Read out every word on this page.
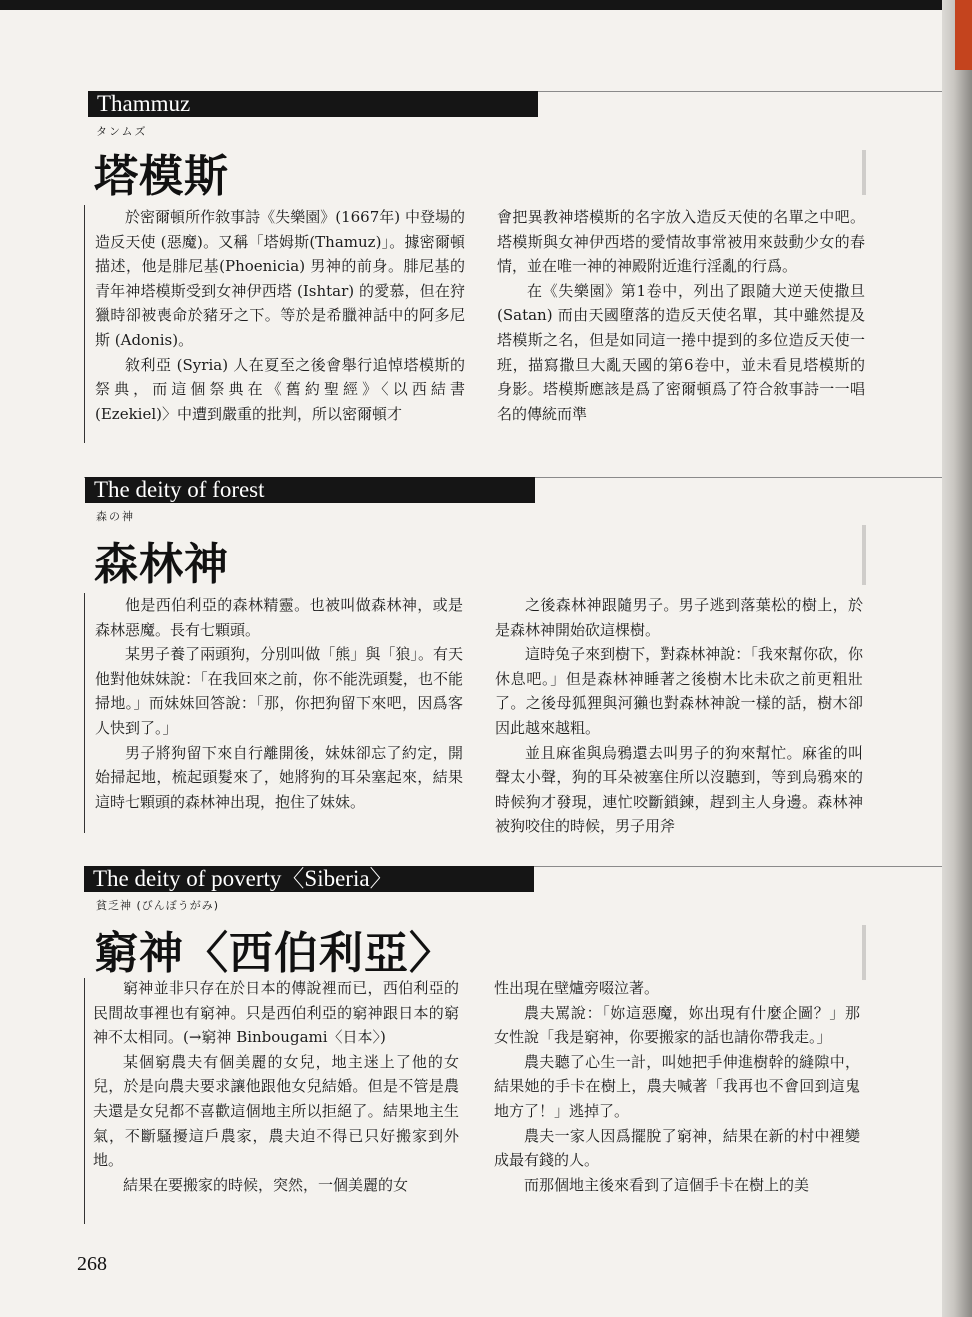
Thammuz
タンムズ
塔模斯

於密爾頓所作敘事詩《失樂園》(1667年) 中登場的造反天使 (惡魔)。又稱「塔姆斯(Thamuz)」。據密爾頓描述，他是腓尼基(Phoenicia) 男神的前身。腓尼基的青年神塔模斯受到女神伊西塔 (Ishtar) 的愛慕，但在狩獵時卻被喪命於豬牙之下。等於是希臘神話中的阿多尼斯 (Adonis)。

敘利亞 (Syria) 人在夏至之後會舉行追悼塔模斯的祭典，而這個祭典在《舊約聖經》〈以西結書 (Ezekiel)〉中遭到嚴重的批判，所以密爾頓才

會把異教神塔模斯的名字放入造反天使的名單之中吧。塔模斯與女神伊西塔的愛情故事常被用來鼓動少女的春情，並在唯一神的神殿附近進行淫亂的行爲。

在《失樂園》第1卷中，列出了跟隨大逆天使撒旦 (Satan) 而由天國墮落的造反天使名單，其中雖然提及塔模斯之名，但是如同這一捲中提到的多位造反天使一班，描寫撒旦大亂天國的第6卷中，並未看見塔模斯的身影。塔模斯應該是爲了密爾頓爲了符合敘事詩一一唱名的傳統而準

The deity of forest
森の神
森林神

他是西伯利亞的森林精靈。也被叫做森林神，或是森林惡魔。長有七顆頭。

某男子養了兩頭狗，分別叫做「熊」與「狼」。有天他對他妹妹說：「在我回來之前，你不能洗頭髮，也不能掃地。」而妹妹回答說：「那，你把狗留下來吧，因爲客人快到了。」

男子將狗留下來自行離開後，妹妹卻忘了約定，開始掃起地，梳起頭髮來了，她將狗的耳朵塞起來，結果這時七顆頭的森林神出現，抱住了妹妹。

之後森林神跟隨男子。男子逃到落葉松的樹上，於是森林神開始砍這棵樹。

這時兔子來到樹下，對森林神說：「我來幫你砍，你休息吧。」但是森林神睡著之後樹木比未砍之前更粗壯了。之後母狐狸與河獺也對森林神說一樣的話，樹木卻因此越來越粗。

並且麻雀與烏鴉還去叫男子的狗來幫忙。麻雀的叫聲太小聲，狗的耳朵被塞住所以沒聽到，等到烏鴉來的時候狗才發現，連忙咬斷鎖鍊，趕到主人身邊。森林神被狗咬住的時候，男子用斧

The deity of poverty〈Siberia〉
貧乏神 (びんぼうがみ)
窮神〈西伯利亞〉

窮神並非只存在於日本的傳說裡而已，西伯利亞的民間故事裡也有窮神。只是西伯利亞的窮神跟日本的窮神不太相同。(→窮神 Binbougami〈日本〉)

某個窮農夫有個美麗的女兒，地主迷上了他的女兒，於是向農夫要求讓他跟他女兒結婚。但是不管是農夫還是女兒都不喜歡這個地主所以拒絕了。結果地主生氣，不斷騷擾這戶農家，農夫迫不得已只好搬家到外地。

結果在要搬家的時候，突然，一個美麗的女

性出現在壁爐旁啜泣著。

農夫罵說：「妳這惡魔，妳出現有什麼企圖？」那女性說「我是窮神，你要搬家的話也請你帶我走。」

農夫聽了心生一計，叫她把手伸進樹幹的縫隙中，結果她的手卡在樹上，農夫喊著「我再也不會回到這鬼地方了！」逃掉了。

農夫一家人因爲擺脫了窮神，結果在新的村中裡變成最有錢的人。

而那個地主後來看到了這個手卡在樹上的美

268
